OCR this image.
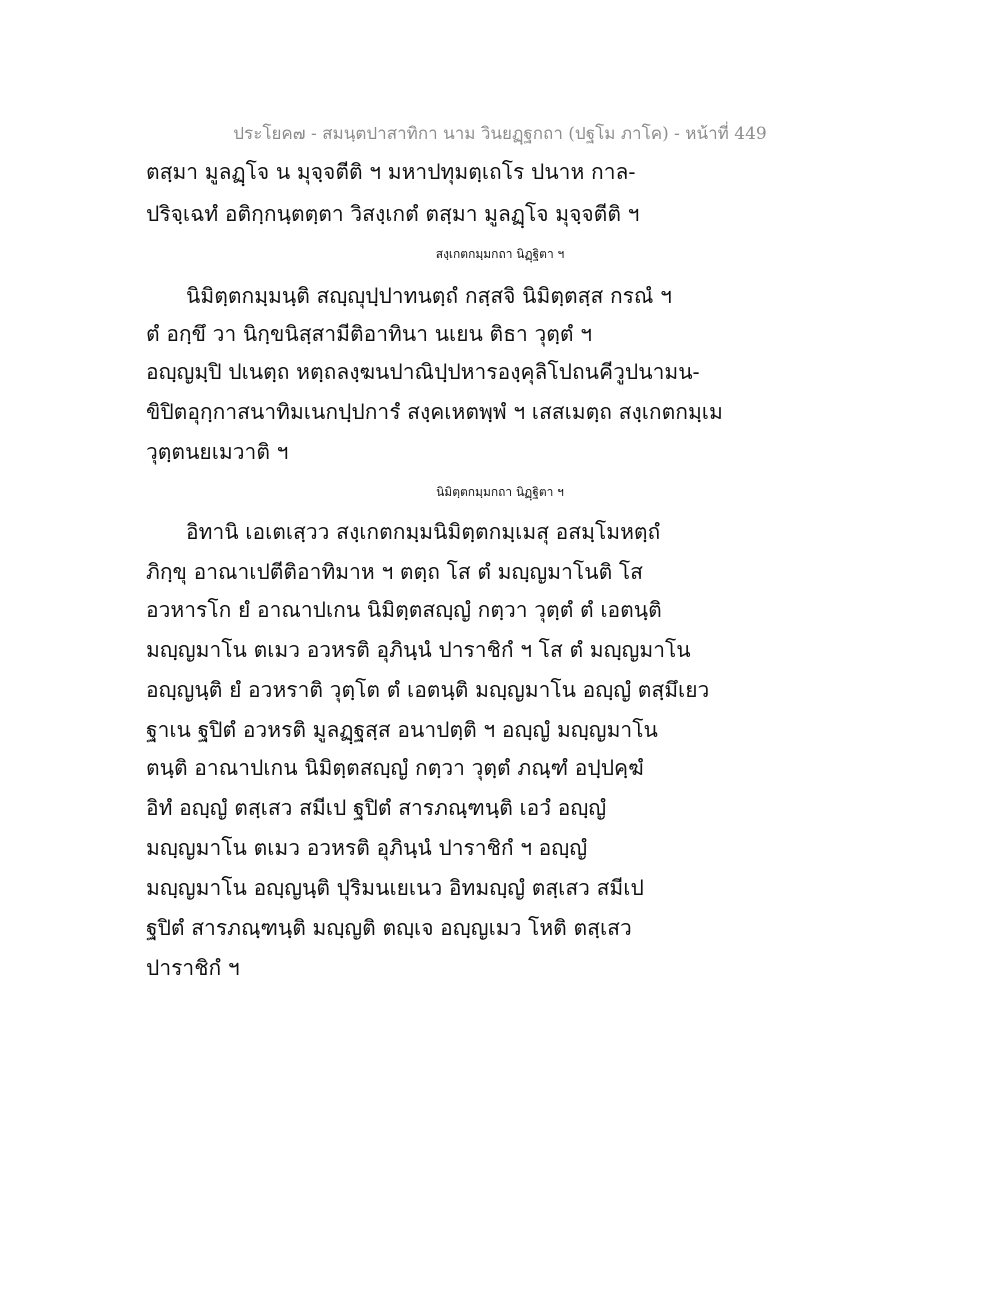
ประโยค๗ - สมนฺตปาสาทิกา นาม วินยฏฺฐกถา (ปฐโม ภาโค) - หน้าที่ 449
ตสฺมา มูลฏฺโจ น มุจฺจตีติ ฯ มหาปทุมตฺเถโร ปนาห กาล-
ปริจฺเฉทํ อติกฺกนฺตตฺตา วิสงฺเกตํ ตสฺมา มูลฏฺโจ มุจฺจตีติ ฯ
สงฺเกตกมฺมกถา นิฏฺฐิตา ฯ
นิมิตฺตกมฺมนฺติ สญฺญุปฺปาทนตฺถํ กสฺสจิ นิมิตฺตสฺส กรณํ ฯ
ตํ อกฺขึ วา นิกฺขนิสฺสามีติอาทินา นเยน ติธา วุตฺตํ ฯ
อญฺญมฺปิ ปเนตฺถ หตฺถลงฺฆนปาณิปฺปหารองฺคุลิโปถนคีวูปนามน-
ขิปิตอุกฺกาสนาทิมเนกปฺปการํ สงฺคเหตพฺพํ ฯ เสสเมตฺถ สงฺเกตกมฺเม
วุตฺตนยเมวาติ ฯ
นิมิตฺตกมฺมกถา นิฏฺฐิตา ฯ
อิทานิ เอเตเสฺวว สงฺเกตกมฺมนิมิตฺตกมฺเมสุ อสมฺโมหตฺถํ
ภิกฺขุ อาณาเปตีติอาทิมาห ฯ ตตฺถ โส ตํ มญฺญมาโนติ โส
อวหารโก ยํ อาณาปเกน นิมิตฺตสญฺญํ กตฺวา วุตฺตํ ตํ เอตนฺติ
มญฺญมาโน ตเมว อวหรติ อุภินฺนํ ปาราชิกํ ฯ โส ตํ มญฺญมาโน
อญฺญนฺติ ยํ อวหราติ วุตฺโต ตํ เอตนฺติ มญฺญมาโน อญฺญํ ตสฺมึเยว
ฐาเน ฐปิตํ อวหรติ มูลฏฺฐสฺส อนาปตฺติ ฯ อญฺญํ มญฺญมาโน
ตนฺติ อาณาปเกน นิมิตฺตสญฺญํ กตฺวา วุตฺตํ ภณฺฑํ อปฺปคฺฆํ
อิทํ อญฺญํ ตสฺเสว สมีเป ฐปิตํ สารภณฺฑนฺติ เอวํ อญฺญํ
มญฺญมาโน ตเมว อวหรติ อุภินฺนํ ปาราชิกํ ฯ อญฺญํ
มญฺญมาโน อญฺญนฺติ ปุริมนเยเนว อิทมญฺญํ ตสฺเสว สมีเป
ฐปิตํ สารภณฺฑนฺติ มญฺญติ ตญฺเจ อญฺญเมว โหติ ตสฺเสว
ปาราชิกํ ฯ
